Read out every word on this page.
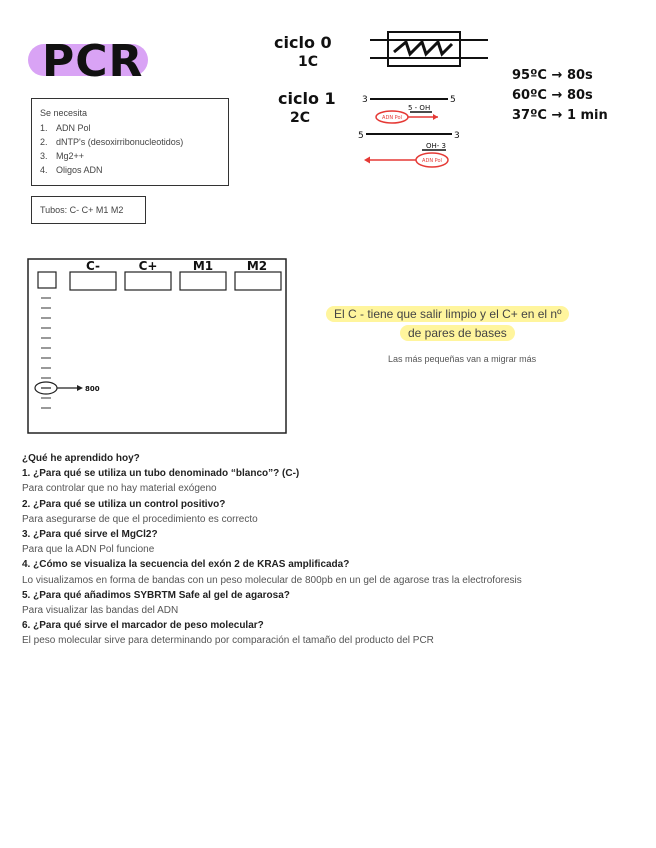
PCR
Se necesita
1. ADN Pol
2. dNTP's (desoxirribonucleotidos)
3. Mg2++
4. Oligos ADN
Tubos: C- C+ M1 M2
ciclo 0
1C
ciclo 1
2C
3	5
5 - OH
ADN Pol
5	3
OH- 3
ADN Pol
95ºC → 80s
60ºC → 80s
37ºC → 1 min
C-	C+	M1	M2
800
El C - tiene que salir limpio y el C+ en el nº
de pares de bases
Las más pequeñas van a migrar más
¿Qué he aprendido hoy?
1. ¿Para qué se utiliza un tubo denominado “blanco”? (C-)
Para controlar que no hay material exógeno
2. ¿Para qué se utiliza un control positivo?
Para asegurarse de que el procedimiento es correcto
3. ¿Para qué sirve el MgCl2?
Para que la ADN Pol funcione
4. ¿Cómo se visualiza la secuencia del exón 2 de KRAS amplificada?
Lo visualizamos en forma de bandas con un peso molecular de 800pb en un gel de agarose tras la electroforesis
5. ¿Para qué añadimos SYBRTM Safe al gel de agarosa?
Para visualizar las bandas del ADN
6. ¿Para qué sirve el marcador de peso molecular?
El peso molecular sirve para determinando por comparación el tamaño del producto del PCR
